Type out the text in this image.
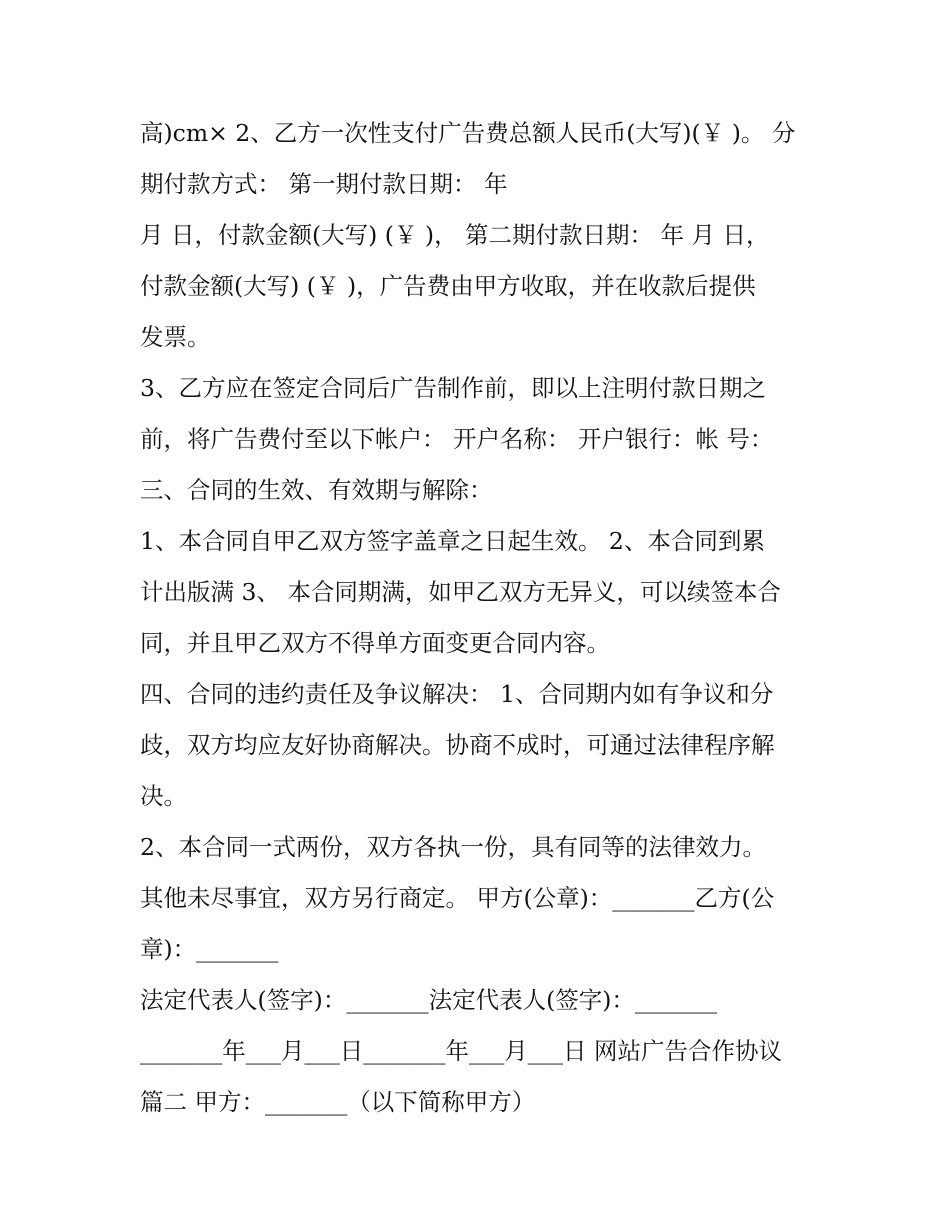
高)cm× 2、乙方一次性支付广告费总额人民币(大写)(￥ )。 分
期付款方式： 第一期付款日期： 年
月 日，付款金额(大写) (￥ )， 第二期付款日期： 年 月 日，
付款金额(大写) (￥ )，广告费由甲方收取，并在收款后提供
发票。
3、乙方应在签定合同后广告制作前，即以上注明付款日期之
前，将广告费付至以下帐户： 开户名称： 开户银行：帐 号：
三、合同的生效、有效期与解除：
1、本合同自甲乙双方签字盖章之日起生效。 2、本合同到累
计出版满 3、 本合同期满，如甲乙双方无异义，可以续签本合
同，并且甲乙双方不得单方面变更合同内容。
四、合同的违约责任及争议解决： 1、合同期内如有争议和分
歧，双方均应友好协商解决。协商不成时，可通过法律程序解
决。
2、本合同一式两份，双方各执一份，具有同等的法律效力。
其他未尽事宜，双方另行商定。 甲方(公章)：_______乙方(公
章)：_______
法定代表人(签字)：_______法定代表人(签字)：_______
_______年___月___日_______年___月___日 网站广告合作协议
篇二 甲方：_______（以下简称甲方）
